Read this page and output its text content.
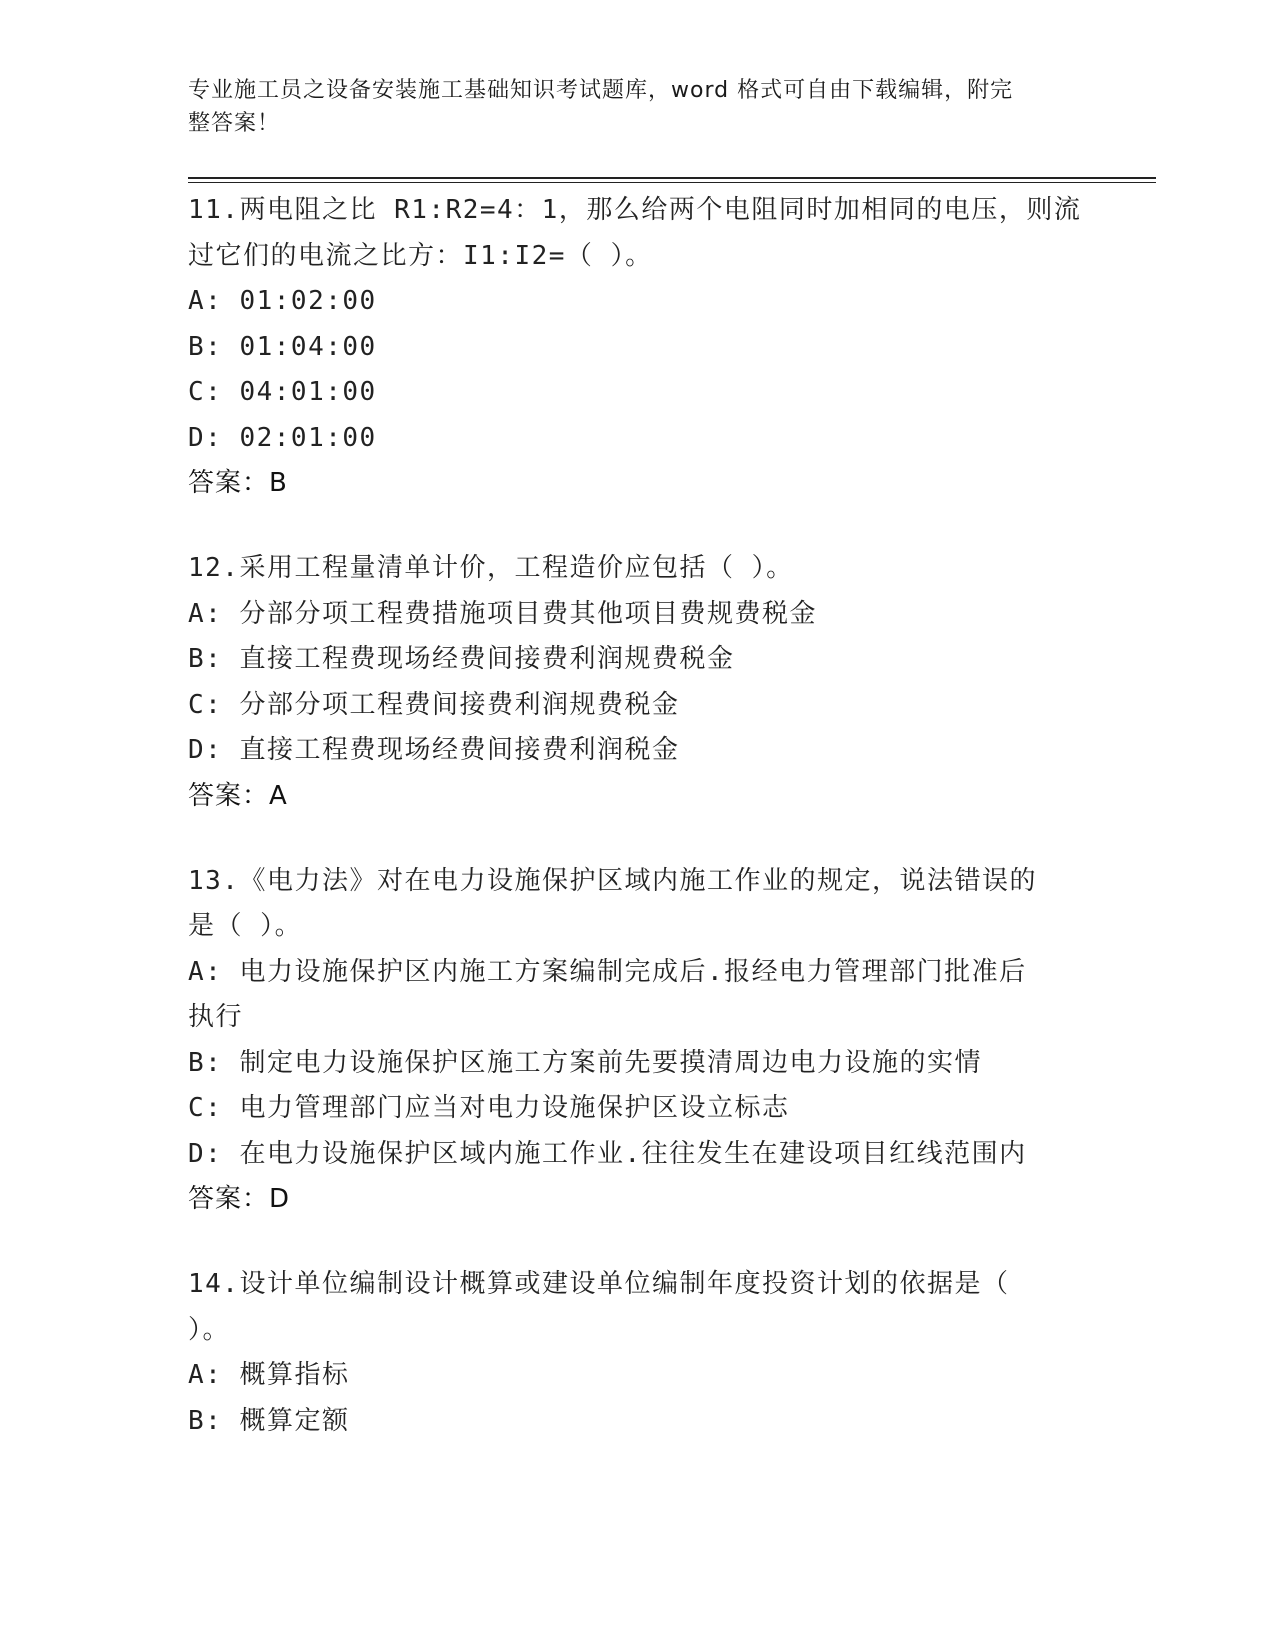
专业施工员之设备安装施工基础知识考试题库，word 格式可自由下载编辑，附完
整答案！
11.两电阻之比 R1:R2=4：1，那么给两个电阻同时加相同的电压，则流
过它们的电流之比方：I1:I2=（ ）。
A: 01:02:00
B: 01:04:00
C: 04:01:00
D: 02:01:00
答案：B
12.采用工程量清单计价，工程造价应包括（ ）。
A: 分部分项工程费措施项目费其他项目费规费税金
B: 直接工程费现场经费间接费利润规费税金
C: 分部分项工程费间接费利润规费税金
D: 直接工程费现场经费间接费利润税金
答案：A
13.《电力法》对在电力设施保护区域内施工作业的规定，说法错误的
是（ ）。
A: 电力设施保护区内施工方案编制完成后.报经电力管理部门批准后
执行
B: 制定电力设施保护区施工方案前先要摸清周边电力设施的实情
C: 电力管理部门应当对电力设施保护区设立标志
D: 在电力设施保护区域内施工作业.往往发生在建设项目红线范围内
答案：D
14.设计单位编制设计概算或建设单位编制年度投资计划的依据是（
）。
A: 概算指标
B: 概算定额
